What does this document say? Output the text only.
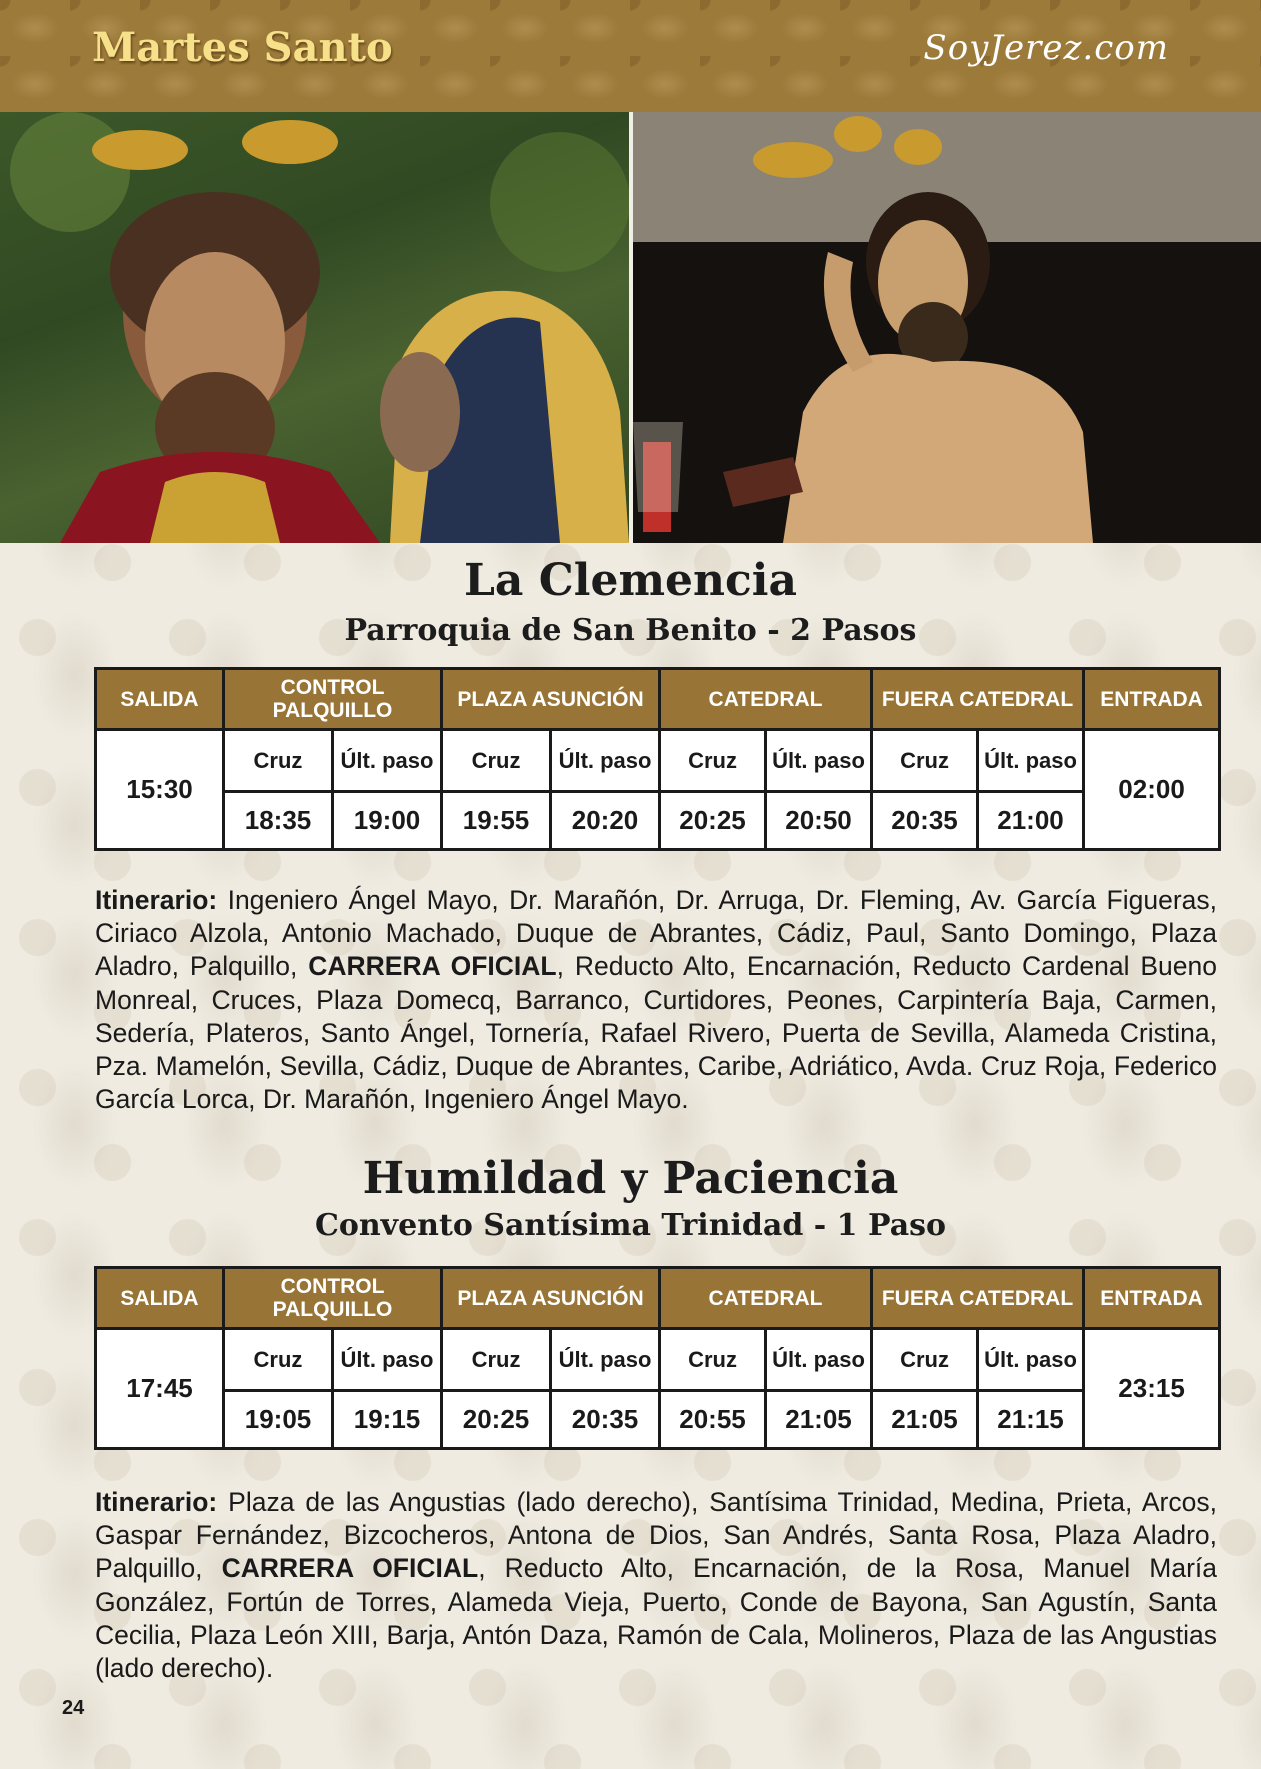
Martes Santo	SoyJerez.com
La Clemencia
Parroquia de San Benito - 2 Pasos
SALIDA	CONTROL PALQUILLO		PLAZA ASUNCIÓN		CATEDRAL		FUERA CATEDRAL		ENTRADA
15:30	Cruz	Últ. paso	Cruz	Últ. paso	Cruz	Últ. paso	Cruz	Últ. paso	02:00
	18:35	19:00	19:55	20:20	20:25	20:50	20:35	21:00	
Itinerario: Ingeniero Ángel Mayo, Dr. Marañón, Dr. Arruga, Dr. Fleming, Av. García Figueras, Ciriaco Alzola, Antonio Machado, Duque de Abrantes, Cádiz, Paul, Santo Domingo, Plaza Aladro, Palquillo, CARRERA OFICIAL, Reducto Alto, Encarnación, Reducto Cardenal Bueno Monreal, Cruces, Plaza Domecq, Barranco, Curtidores, Peones, Carpintería Baja, Carmen, Sedería, Plateros, Santo Ángel, Tornería, Rafael Rivero, Puerta de Sevilla, Alameda Cristina, Pza. Mamelón, Sevilla, Cádiz, Duque de Abrantes, Caribe, Adriático, Avda. Cruz Roja, Federico García Lorca, Dr. Marañón, Ingeniero Ángel Mayo.
Humildad y Paciencia
Convento Santísima Trinidad - 1 Paso
SALIDA	CONTROL PALQUILLO		PLAZA ASUNCIÓN		CATEDRAL		FUERA CATEDRAL		ENTRADA
17:45	Cruz	Últ. paso	Cruz	Últ. paso	Cruz	Últ. paso	Cruz	Últ. paso	23:15
	19:05	19:15	20:25	20:35	20:55	21:05	21:05	21:15	
Itinerario: Plaza de las Angustias (lado derecho), Santísima Trinidad, Medina, Prieta, Arcos, Gaspar Fernández, Bizcocheros, Antona de Dios, San Andrés, Santa Rosa, Plaza Aladro, Palquillo, CARRERA OFICIAL, Reducto Alto, Encarnación, de la Rosa, Manuel María González, Fortún de Torres, Alameda Vieja, Puerto, Conde de Bayona, San Agustín, Santa Cecilia, Plaza León XIII, Barja, Antón Daza, Ramón de Cala, Molineros, Plaza de las Angustias (lado derecho).
24
